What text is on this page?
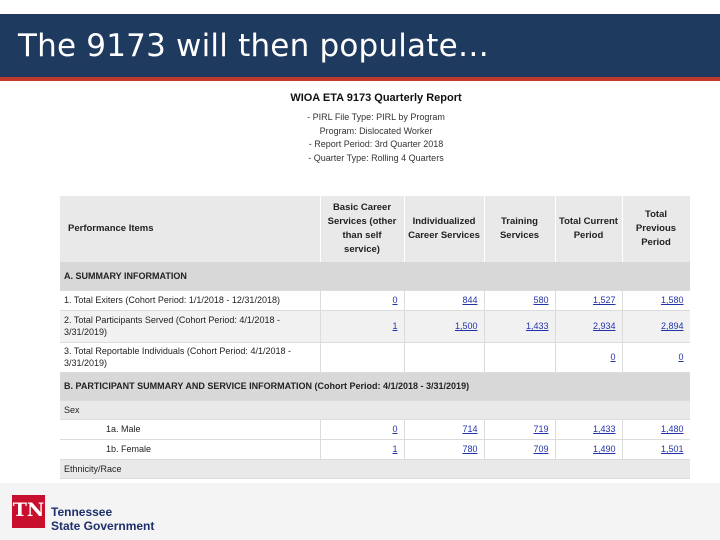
The 9173 will then populate…
WIOA ETA 9173 Quarterly Report
- PIRL File Type: PIRL by Program
Program: Dislocated Worker
- Report Period: 3rd Quarter 2018
- Quarter Type: Rolling 4 Quarters
Performance Items	Basic Career Services (other than self service)	Individualized Career Services	Training Services	Total Current Period	Total Previous Period
A. SUMMARY INFORMATION					
1. Total Exiters (Cohort Period: 1/1/2018 - 12/31/2018)	0	844	580	1,527	1,580
2. Total Participants Served (Cohort Period: 4/1/2018 - 3/31/2019)	1	1,500	1,433	2,934	2,894
3. Total Reportable Individuals (Cohort Period: 4/1/2018 - 3/31/2019)				0	0
B. PARTICIPANT SUMMARY AND SERVICE INFORMATION (Cohort Period: 4/1/2018 - 3/31/2019)					
Sex					
1a. Male	0	714	719	1,433	1,480
1b. Female	1	780	709	1,490	1,501
Ethnicity/Race					
TN Tennessee
State Government
